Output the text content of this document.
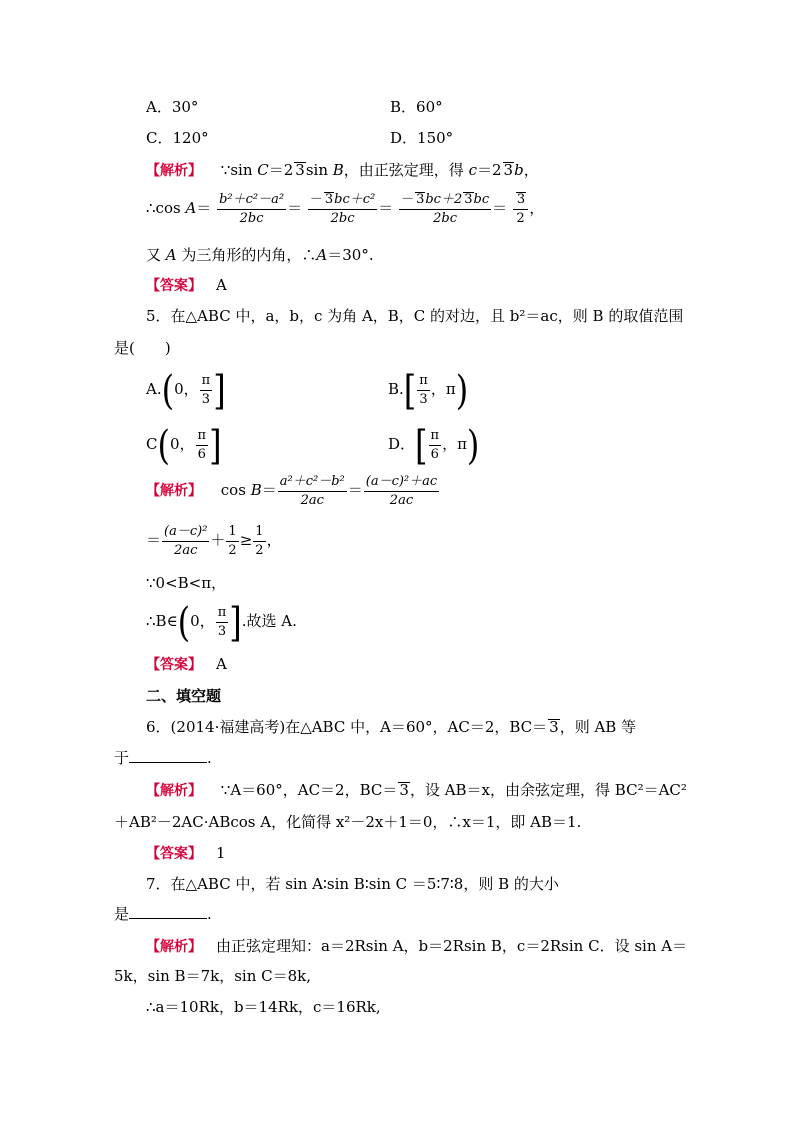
A．30°	B．60°
C．120°	D．150°
【解析】 ∵sin C＝2 3sin B，由正弦定理，得 c＝2 3b，
∴cos $A= \frac{\text{b²＋c²－a²}}{2bc} = \frac{\text{－ 3bc＋c²}}{2bc} = \frac{- 3bc+2 3bc}{2bc} = \frac{3}{2}$ ，
又 A 为三角形的内角，∴A＝30°.
【答案】 A
5．在△ABC 中，a，b，c 为角 A，B，C 的对边，且 b²＝ac，则 B 的取值范围
是(　　)
A.(0， $\frac{\pi}{3}$ ]	$B.[ \frac{\pi}{3}$ ，π)
C(0， $\frac{\pi}{6}$ ]	D．[ $\frac{\pi}{6}$ ，π)
【解析】 $\cos B= \frac{\text{a²＋c²－b²}}{2ac} = \frac{\text{(a－c)²＋ac}}{2ac}$
＝ $\frac{\text{(a－c)²}}{2ac} + \frac{1}{2} \ge \frac{1}{2}$ ，
∵0<B<π，
∴B∈(0， $\frac{\pi}{3}$ ].故选 A.
【答案】 A
二、填空题
6．(2014·福建高考)在△ABC 中，A＝60°，AC＝2，BC＝ 3，则 AB 等
于	.
【解析】 ∵A＝60°，AC＝2，BC＝ 3，设 AB＝x，由余弦定理，得 BC²＝AC²
＋AB²－2AC·ABcos A，化简得 x²－2x＋1＝0，∴x＝1，即 AB＝1.
【答案】 1
7．在△ABC 中，若 sin A∶sin B∶sin C ＝5∶7∶8，则 B 的大小
是	.
【解析】 由正弦定理知：a＝2Rsin A，b＝2Rsin B，c＝2Rsin C．设 sin A＝
5k，sin B＝7k，sin C＝8k,
∴a＝10Rk，b＝14Rk，c＝16Rk,
